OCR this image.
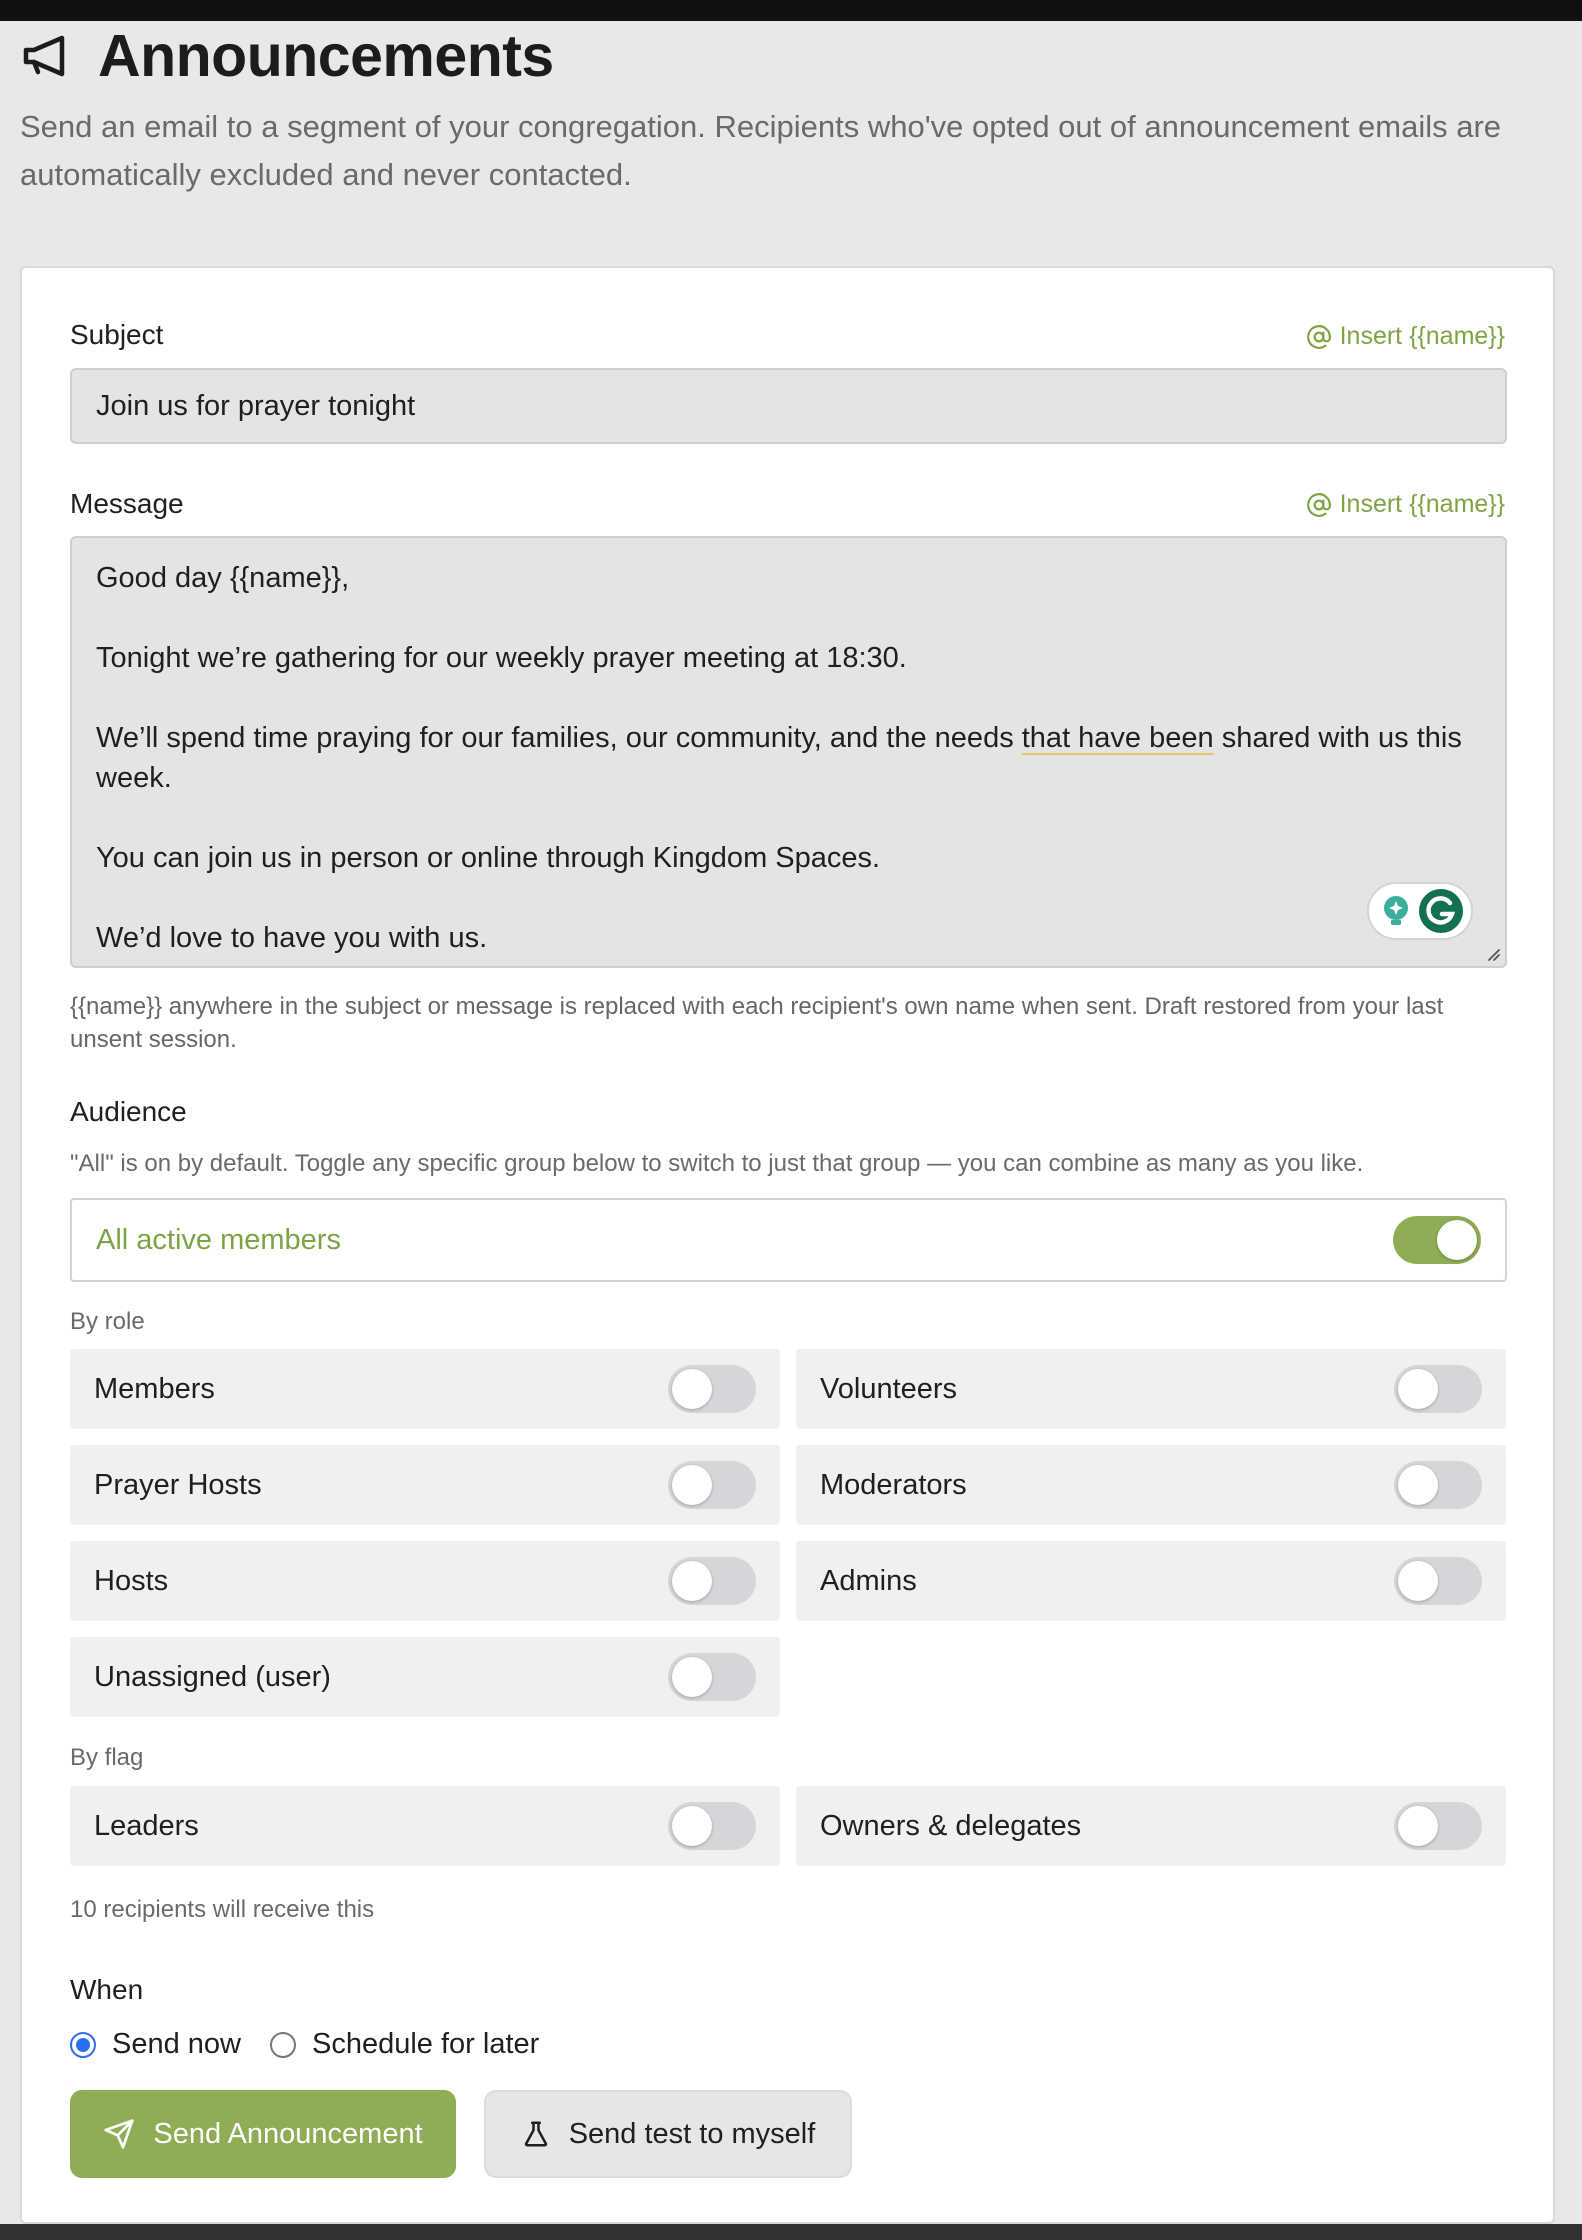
Announcements

Send an email to a segment of your congregation. Recipients who've opted out of announcement emails are automatically excluded and never contacted.

Subject	Insert {{name}}
Join us for prayer tonight
Message	Insert {{name}}

Good day {{name}},

Tonight we’re gathering for our weekly prayer meeting at 18:30.

We’ll spend time praying for our families, our community, and the needs that have been shared with us this week.

You can join us in person or online through Kingdom Spaces.

We’d love to have you with us.

{{name}} anywhere in the subject or message is replaced with each recipient's own name when sent. Draft restored from your last unsent session.

Audience
"All" is on by default. Toggle any specific group below to switch to just that group — you can combine as many as you like.
All active members
By role
Members	Volunteers
Prayer Hosts	Moderators
Hosts	Admins
Unassigned (user)
By flag
Leaders	Owners & delegates
10 recipients will receive this
When
Send now Schedule for later
Send Announcement	Send test to myself
